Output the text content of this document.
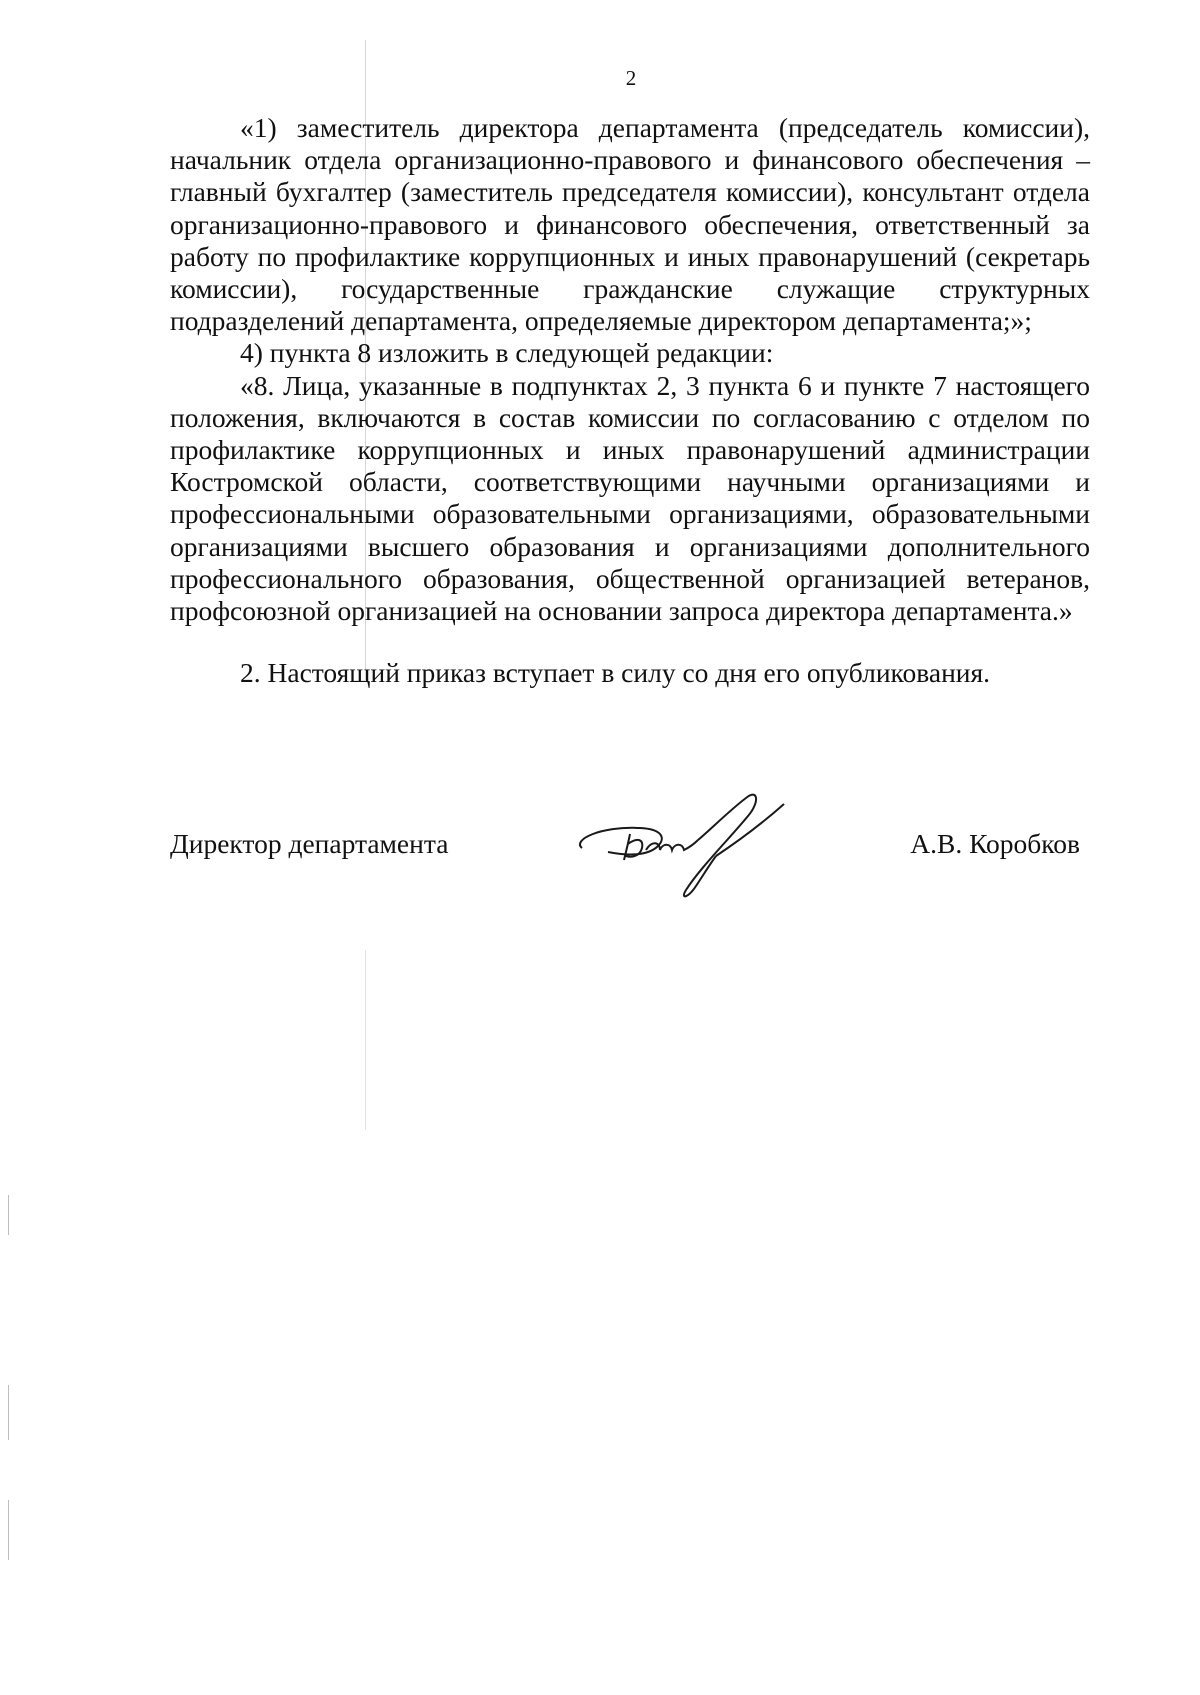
2

«1) заместитель директора департамента (председатель комиссии), начальник отдела организационно-правового и финансового обеспечения – главный бухгалтер (заместитель председателя комиссии), консультант отдела организационно-правового и финансового обеспечения, ответственный за работу по профилактике коррупционных и иных правонарушений (секретарь комиссии), государственные гражданские служащие структурных подразделений департамента, определяемые директором департамента;»;

4) пункта 8 изложить в следующей редакции:

«8. Лица, указанные в подпунктах 2, 3 пункта 6 и пункте 7 настоящего положения, включаются в состав комиссии по согласованию с отделом по профилактике коррупционных и иных правонарушений администрации Костромской области, соответствующими научными организациями и профессиональными образовательными организациями, образовательными организациями высшего образования и организациями дополнительного профессионального образования, общественной организацией ветеранов, профсоюзной организацией на основании запроса директора департамента.»

2. Настоящий приказ вступает в силу со дня его опубликования.

Директор департамента	А.В. Коробков
